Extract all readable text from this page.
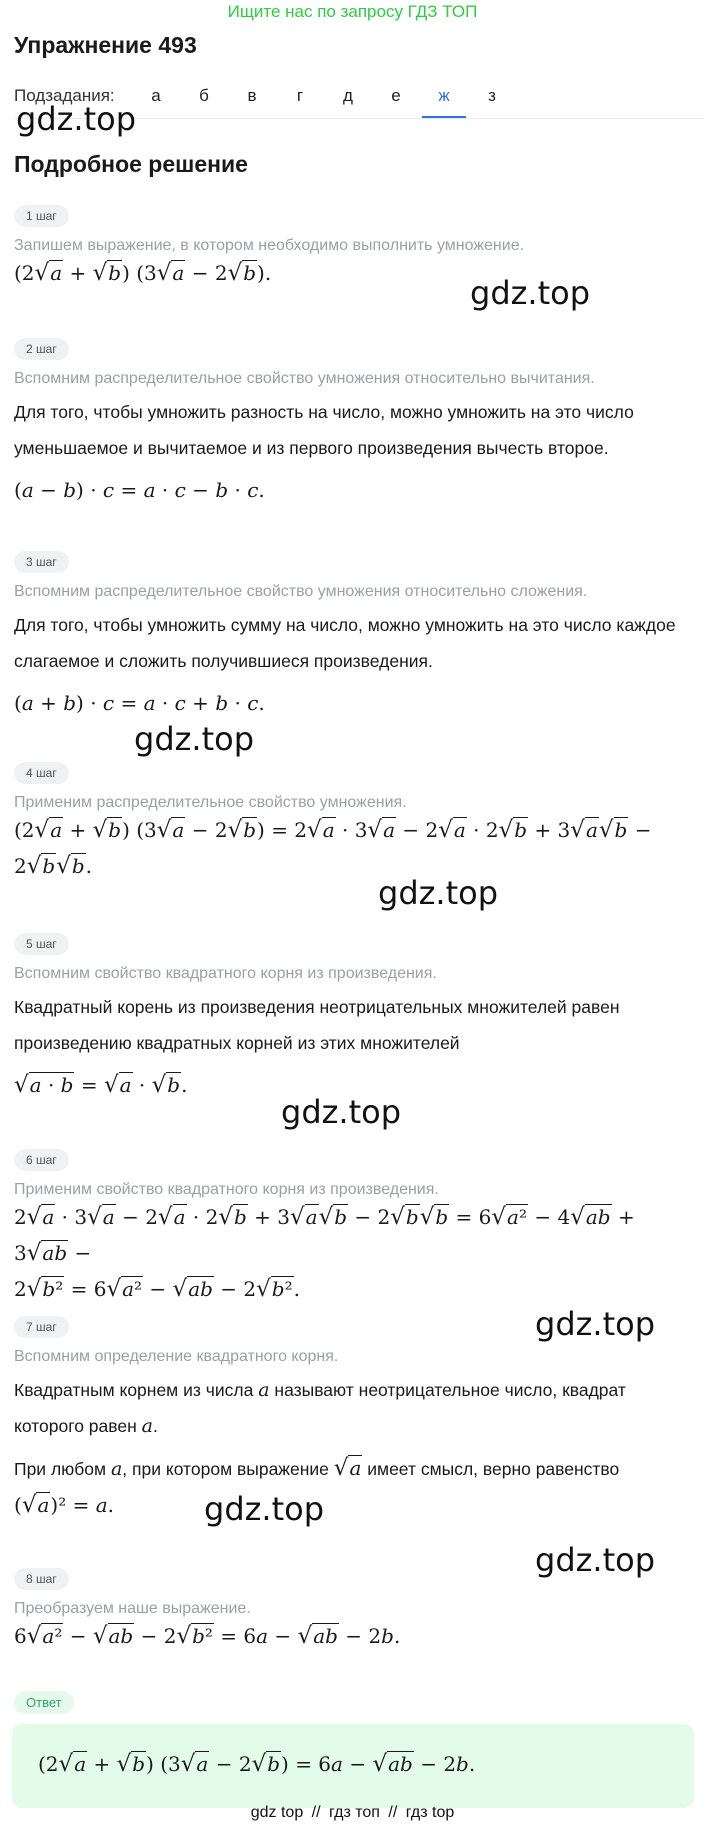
Ищите нас по запросу ГДЗ ТОП
Упражнение 493
Подзадания:	а	б	в	г	д	е	ж	з
gdz.top
Подробное решение
1 шаг
Запишем выражение, в котором необходимо выполнить умножение.
(2√a + √b) (3√a − 2√b).
gdz.top
2 шаг
Вспомним распределительное свойство умножения относительно вычитания.
Для того, чтобы умножить разность на число, можно умножить на это число уменьшаемое и вычитаемое и из первого произведения вычесть второе.
(a − b) · c = a · c − b · c.
3 шаг
Вспомним распределительное свойство умножения относительно сложения.
Для того, чтобы умножить сумму на число, можно умножить на это число каждое слагаемое и сложить получившиеся произведения.
(a + b) · c = a · c + b · c.
gdz.top
4 шаг
Применим распределительное свойство умножения.
(2√a + √b) (3√a − 2√b) = 2√a · 3√a − 2√a · 2√b + 3√a√b −
2√b√b.
gdz.top
5 шаг
Вспомним свойство квадратного корня из произведения.
Квадратный корень из произведения неотрицательных множителей равен произведению квадратных корней из этих множителей
√a · b = √a · √b.
gdz.top
6 шаг
Применим свойство квадратного корня из произведения.
2√a · 3√a − 2√a · 2√b + 3√a√b − 2√b√b = 6√a² − 4√ab + 3√ab −
2√b² = 6√a² − √ab − 2√b².
gdz.top
7 шаг
Вспомним определение квадратного корня.
Квадратным корнем из числа a называют неотрицательное число, квадрат которого равен a.
При любом a, при котором выражение √a имеет смысл, верно равенство
(√a)² = a.	gdz.top
gdz.top
8 шаг
Преобразуем наше выражение.
6√a² − √ab − 2√b² = 6a − √ab − 2b.
Ответ
(2√a + √b) (3√a − 2√b) = 6a − √ab − 2b.
gdz top // гдз топ // гдз top
